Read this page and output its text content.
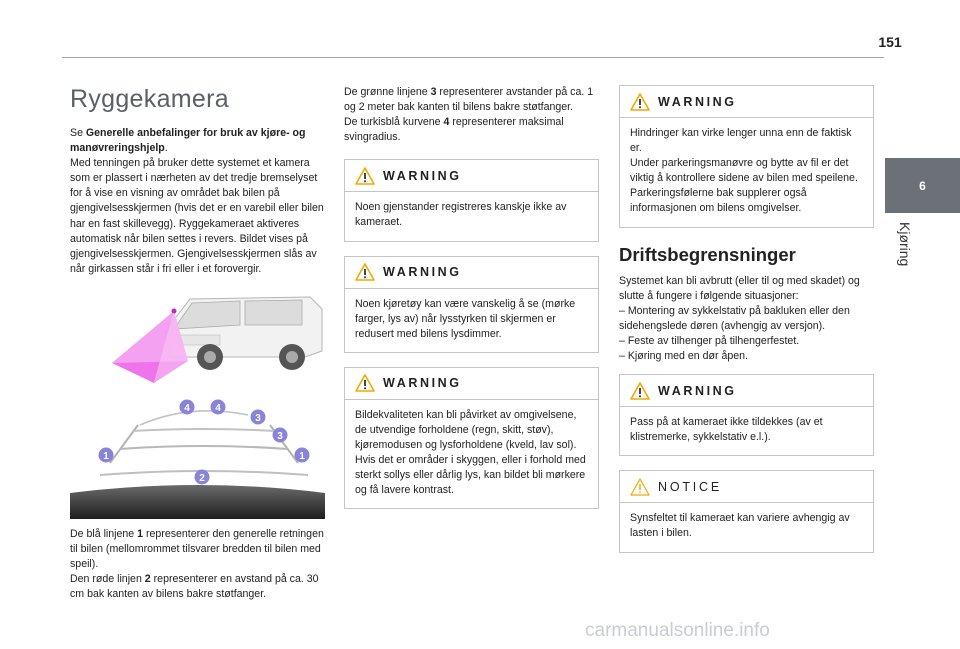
151
6
Kjøring
Ryggekamera

Se Generelle anbefalinger for bruk av kjøre- og manøvreringshjelp.
Med tenningen på bruker dette systemet et kamera som er plassert i nærheten av det tredje bremselyset for å vise en visning av området bak bilen på gjengivelsesskjermen (hvis det er en varebil eller bilen har en fast skillevegg). Ryggekameraet aktiveres automatisk når bilen settes i revers. Bildet vises på gjengivelsesskjermen. Gjengivelsesskjermen slås av når girkassen står i fri eller i et forovergir.

1	1
2
3
3
4	4

De blå linjene 1 representerer den generelle retningen til bilen (mellomrommet tilsvarer bredden til bilen med speil).
Den røde linjen 2 representerer en avstand på ca. 30 cm bak kanten av bilens bakre støtfanger.

De grønne linjene 3 representerer avstander på ca. 1 og 2 meter bak kanten til bilens bakre støtfanger.
De turkisblå kurvene 4 representerer maksimal svingradius.

WARNING
Noen gjenstander registreres kanskje ikke av kameraet.
WARNING
Noen kjøretøy kan være vanskelig å se (mørke farger, lys av) når lysstyrken til skjermen er redusert med bilens lysdimmer.
WARNING
Bildekvaliteten kan bli påvirket av omgivelsene, de utvendige forholdene (regn, skitt, støv), kjøremodusen og lysforholdene (kveld, lav sol).
Hvis det er områder i skyggen, eller i forhold med sterkt sollys eller dårlig lys, kan bildet bli mørkere og få lavere kontrast.
WARNING
Hindringer kan virke lenger unna enn de faktisk er.
Under parkeringsmanøvre og bytte av fil er det viktig å kontrollere sidene av bilen med speilene.
Parkeringsfølerne bak supplerer også informasjonen om bilens omgivelser.
Driftsbegrensninger

Systemet kan bli avbrutt (eller til og med skadet) og slutte å fungere i følgende situasjoner:
– Montering av sykkelstativ på bakluken eller den sidehengslede døren (avhengig av versjon).
– Feste av tilhenger på tilhengerfestet.
– Kjøring med en dør åpen.

WARNING
Pass på at kameraet ikke tildekkes (av et klistremerke, sykkelstativ e.l.).
NOTICE
Synsfeltet til kameraet kan variere avhengig av lasten i bilen.
carmanualsonline.info
